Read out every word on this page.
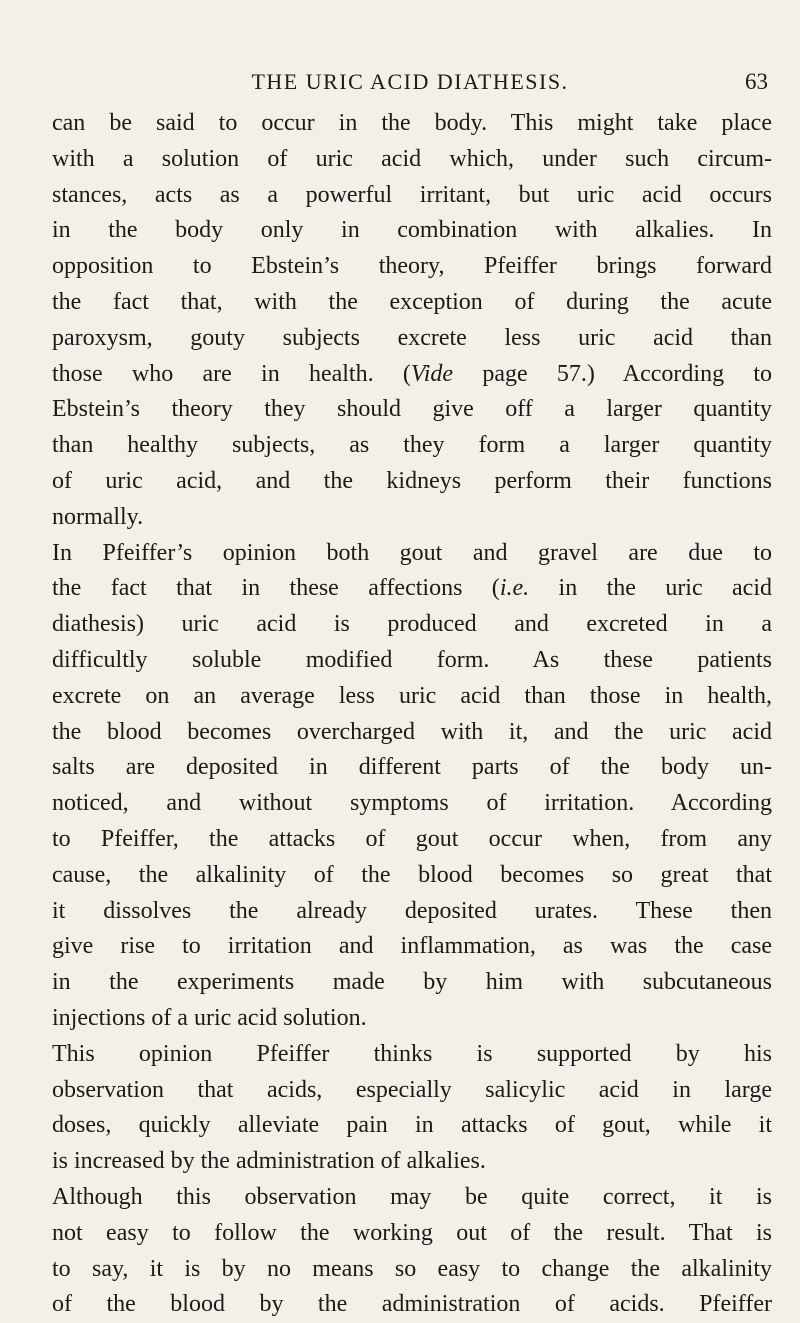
THE URIC ACID DIATHESIS.	63
can be said to occur in the body. This might take place
with a solution of uric acid which, under such circum-
stances, acts as a powerful irritant, but uric acid occurs
in the body only in combination with alkalies. In
opposition to Ebstein’s theory, Pfeiffer brings forward
the fact that, with the exception of during the acute
paroxysm, gouty subjects excrete less uric acid than
those who are in health. (Vide page 57.) According to
Ebstein’s theory they should give off a larger quantity
than healthy subjects, as they form a larger quantity
of uric acid, and the kidneys perform their functions
normally.
In Pfeiffer’s opinion both gout and gravel are due to
the fact that in these affections (i.e. in the uric acid
diathesis) uric acid is produced and excreted in a
difficultly soluble modified form. As these patients
excrete on an average less uric acid than those in health,
the blood becomes overcharged with it, and the uric acid
salts are deposited in different parts of the body un-
noticed, and without symptoms of irritation. According
to Pfeiffer, the attacks of gout occur when, from any
cause, the alkalinity of the blood becomes so great that
it dissolves the already deposited urates. These then
give rise to irritation and inflammation, as was the case
in the experiments made by him with subcutaneous
injections of a uric acid solution.
This opinion Pfeiffer thinks is supported by his
observation that acids, especially salicylic acid in large
doses, quickly alleviate pain in attacks of gout, while it
is increased by the administration of alkalies.
Although this observation may be quite correct, it is
not easy to follow the working out of the result. That is
to say, it is by no means so easy to change the alkalinity
of the blood by the administration of acids. Pfeiffer
